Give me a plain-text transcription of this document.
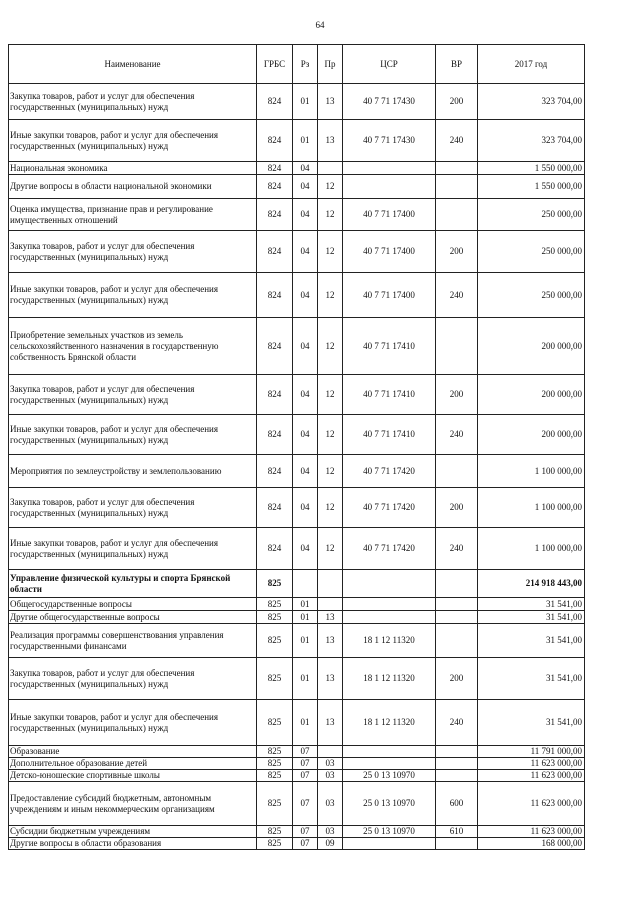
64
Наименование	ГРБС	Рз	Пр	ЦСР	ВР	2017 год
Закупка товаров, работ и услуг для обеспечения государственных (муниципальных) нужд	824	01	13	40 7 71 17430	200	323 704,00
Иные закупки товаров, работ и услуг для обеспечения государственных (муниципальных) нужд	824	01	13	40 7 71 17430	240	323 704,00
Национальная экономика	824	04				1 550 000,00
Другие вопросы в области национальной экономики	824	04	12			1 550 000,00
Оценка имущества, признание прав и регулирование имущественных отношений	824	04	12	40 7 71 17400		250 000,00
Закупка товаров, работ и услуг для обеспечения государственных (муниципальных) нужд	824	04	12	40 7 71 17400	200	250 000,00
Иные закупки товаров, работ и услуг для обеспечения государственных (муниципальных) нужд	824	04	12	40 7 71 17400	240	250 000,00
Приобретение земельных участков из земель сельскохозяйственного назначения в государственную собственность Брянской области	824	04	12	40 7 71 17410		200 000,00
Закупка товаров, работ и услуг для обеспечения государственных (муниципальных) нужд	824	04	12	40 7 71 17410	200	200 000,00
Иные закупки товаров, работ и услуг для обеспечения государственных (муниципальных) нужд	824	04	12	40 7 71 17410	240	200 000,00
Мероприятия по землеустройству и землепользованию	824	04	12	40 7 71 17420		1 100 000,00
Закупка товаров, работ и услуг для обеспечения государственных (муниципальных) нужд	824	04	12	40 7 71 17420	200	1 100 000,00
Иные закупки товаров, работ и услуг для обеспечения государственных (муниципальных) нужд	824	04	12	40 7 71 17420	240	1 100 000,00
Управление физической культуры и спорта Брянской области	825					214 918 443,00
Общегосударственные вопросы	825	01				31 541,00
Другие общегосударственные вопросы	825	01	13			31 541,00
Реализация программы совершенствования управления государственными финансами	825	01	13	18 1 12 11320		31 541,00
Закупка товаров, работ и услуг для обеспечения государственных (муниципальных) нужд	825	01	13	18 1 12 11320	200	31 541,00
Иные закупки товаров, работ и услуг для обеспечения государственных (муниципальных) нужд	825	01	13	18 1 12 11320	240	31 541,00
Образование	825	07				11 791 000,00
Дополнительное образование детей	825	07	03			11 623 000,00
Детско-юношеские спортивные школы	825	07	03	25 0 13 10970		11 623 000,00
Предоставление субсидий бюджетным, автономным учреждениям и иным некоммерческим организациям	825	07	03	25 0 13 10970	600	11 623 000,00
Субсидии бюджетным учреждениям	825	07	03	25 0 13 10970	610	11 623 000,00
Другие вопросы в области образования	825	07	09			168 000,00
